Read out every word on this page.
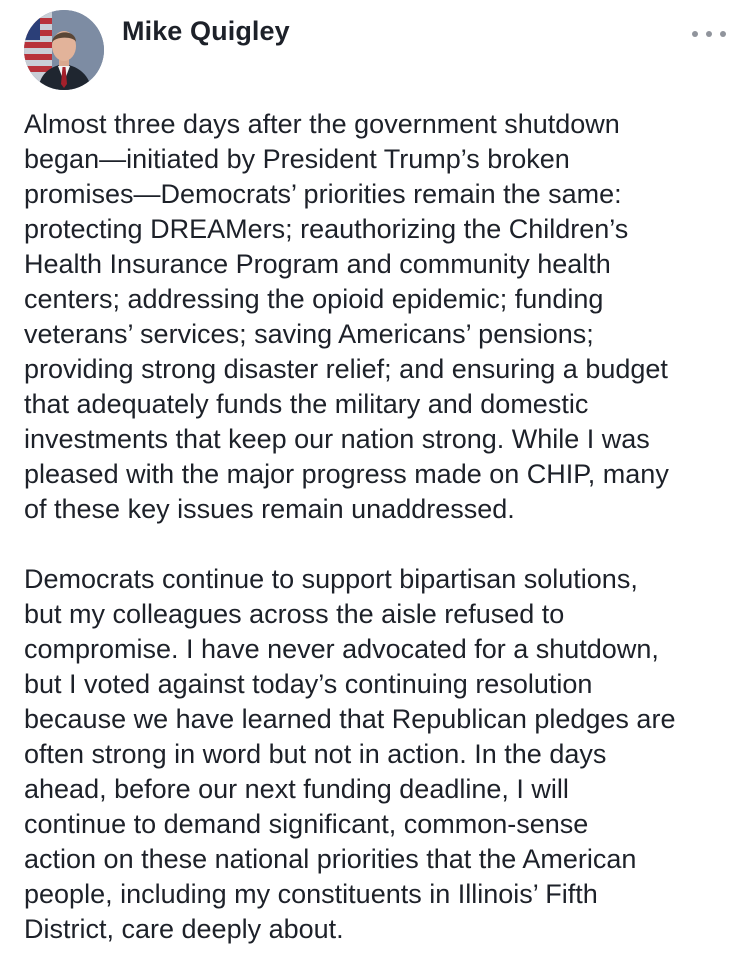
Mike Quigley

Almost three days after the government shutdown
began—initiated by President Trump’s broken
promises—Democrats’ priorities remain the same:
protecting DREAMers; reauthorizing the Children’s
Health Insurance Program and community health
centers; addressing the opioid epidemic; funding
veterans’ services; saving Americans’ pensions;
providing strong disaster relief; and ensuring a budget
that adequately funds the military and domestic
investments that keep our nation strong. While I was
pleased with the major progress made on CHIP, many
of these key issues remain unaddressed.

Democrats continue to support bipartisan solutions,
but my colleagues across the aisle refused to
compromise. I have never advocated for a shutdown,
but I voted against today’s continuing resolution
because we have learned that Republican pledges are
often strong in word but not in action. In the days
ahead, before our next funding deadline, I will
continue to demand significant, common-sense
action on these national priorities that the American
people, including my constituents in Illinois’ Fifth
District, care deeply about.
